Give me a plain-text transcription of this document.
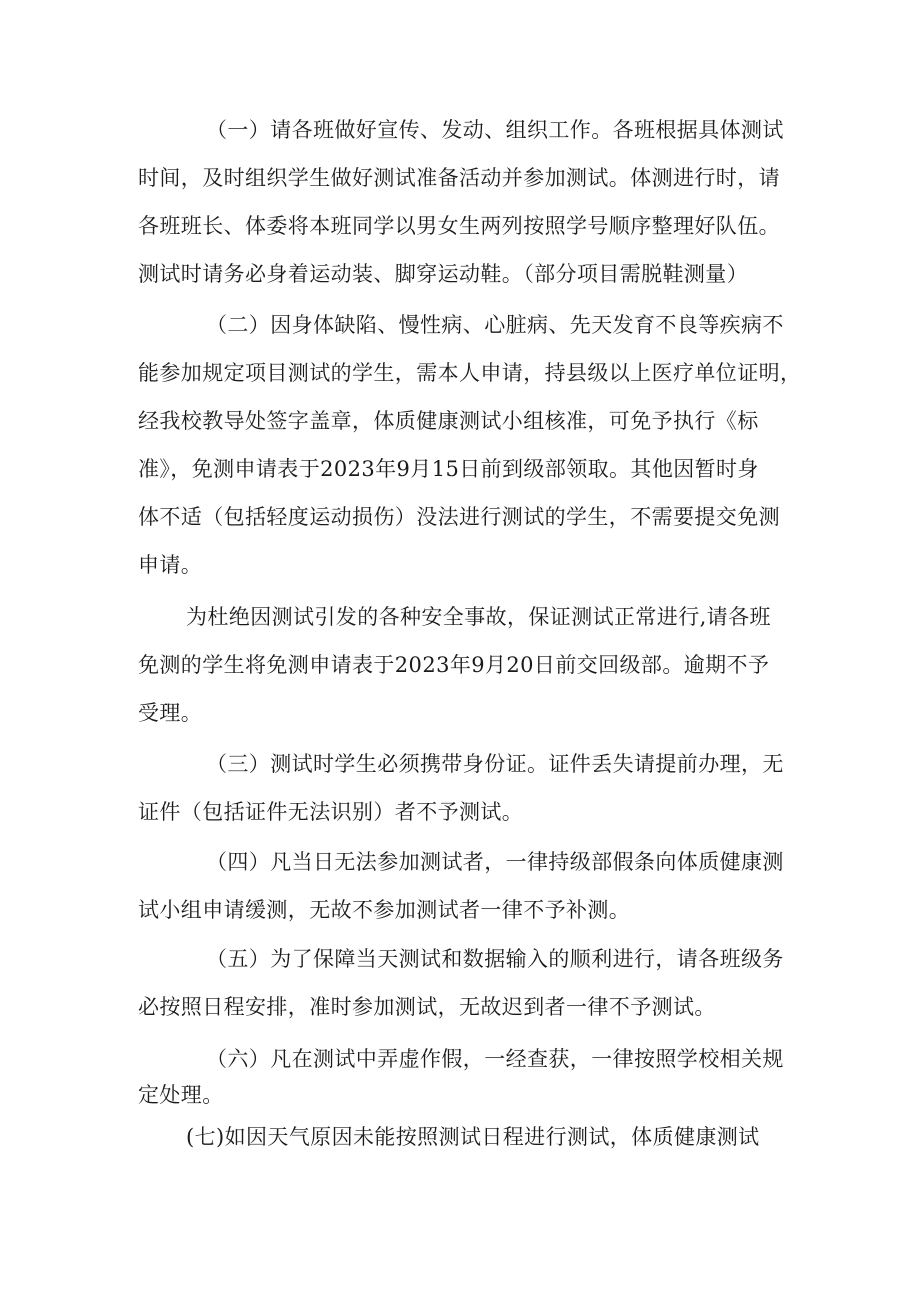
（一）请各班做好宣传、发动、组织工作。各班根据具体测试
时间，及时组织学生做好测试准备活动并参加测试。体测进行时，请
各班班长、体委将本班同学以男女生两列按照学号顺序整理好队伍。
测试时请务必身着运动装、脚穿运动鞋。（部分项目需脱鞋测量）
（二）因身体缺陷、慢性病、心脏病、先天发育不良等疾病不
能参加规定项目测试的学生，需本人申请，持县级以上医疗单位证明，
经我校教导处签字盖章，体质健康测试小组核准，可免予执行《标
准》，免测申请表于2023年9月15日前到级部领取。其他因暂时身
体不适（包括轻度运动损伤）没法进行测试的学生，不需要提交免测
申请。
为杜绝因测试引发的各种安全事故，保证测试正常进行,请各班
免测的学生将免测申请表于2023年9月20日前交回级部。逾期不予
受理。
（三）测试时学生必须携带身份证。证件丢失请提前办理，无
证件（包括证件无法识别）者不予测试。
（四）凡当日无法参加测试者，一律持级部假条向体质健康测
试小组申请缓测，无故不参加测试者一律不予补测。
（五）为了保障当天测试和数据输入的顺利进行，请各班级务
必按照日程安排，准时参加测试，无故迟到者一律不予测试。
（六）凡在测试中弄虚作假，一经查获，一律按照学校相关规
定处理。
(七)如因天气原因未能按照测试日程进行测试，体质健康测试
